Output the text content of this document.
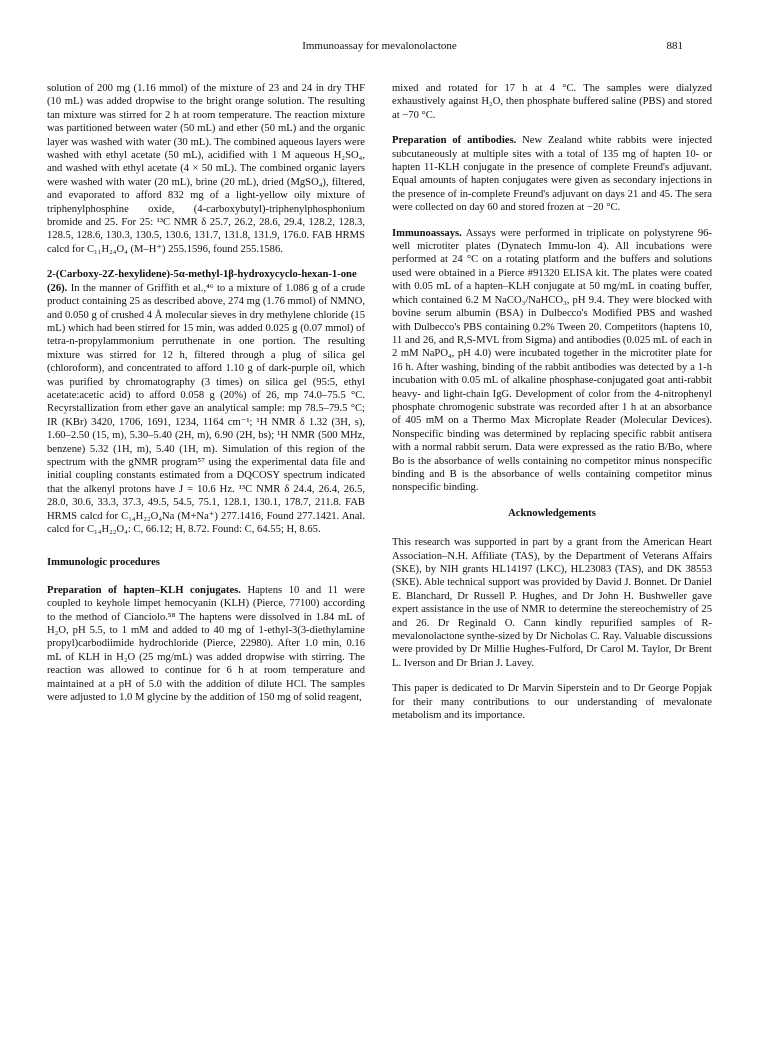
Immunoassay for mevalonolactone	881

solution of 200 mg (1.16 mmol) of the mixture of 23 and 24 in dry THF (10 mL) was added dropwise to the bright orange solution. The resulting tan mixture was stirred for 2 h at room temperature. The reaction mixture was partitioned between water (50 mL) and ether (50 mL) and the organic layer was washed with water (30 mL). The combined aqueous layers were washed with ethyl acetate (50 mL), acidified with 1 M aqueous H₂SO₄, and washed with ethyl acetate (4 × 50 mL). The combined organic layers were washed with water (20 mL), brine (20 mL), dried (MgSO₄), filtered, and evaporated to afford 832 mg of a light-yellow oily mixture of triphenylphosphine oxide, (4-carboxybutyl)-triphenylphosphonium bromide and 25. For 25: ¹³C NMR δ 25.7, 26.2, 28.6, 29.4, 128.2, 128.3, 128.5, 128.6, 130.3, 130.5, 130.6, 131.7, 131.8, 131.9, 176.0. FAB HRMS calcd for C₁₁H₂₄O₄ (M–H⁺) 255.1596, found 255.1586.

2-(Carboxy-2Z-hexylidene)-5α-methyl-1β-hydroxycyclo-hexan-1-one (26). In the manner of Griffith et al.,⁴⁶ to a mixture of 1.086 g of a crude product containing 25 as described above, 274 mg (1.76 mmol) of NMNO, and 0.050 g of crushed 4 Å molecular sieves in dry methylene chloride (15 mL) which had been stirred for 15 min, was added 0.025 g (0.07 mmol) of tetra-n-propylammonium perruthenate in one portion. The resulting mixture was stirred for 12 h, filtered through a plug of silica gel (chloroform), and concentrated to afford 1.10 g of dark-purple oil, which was purified by chromatography (3 times) on silica gel (95:5, ethyl acetate:acetic acid) to afford 0.058 g (20%) of 26, mp 74.0–75.5 °C. Recyrstallization from ether gave an analytical sample: mp 78.5–79.5 °C; IR (KBr) 3420, 1706, 1691, 1234, 1164 cm⁻¹; ¹H NMR δ 1.32 (3H, s), 1.60–2.50 (15, m), 5.30–5.40 (2H, m), 6.90 (2H, bs); ¹H NMR (500 MHz, benzene) 5.32 (1H, m), 5.40 (1H, m). Simulation of this region of the spectrum with the gNMR program⁵⁷ using the experimental data file and initial coupling constants estimated from a DQCOSY spectrum indicated that the alkenyl protons have J = 10.6 Hz. ¹³C NMR δ 24.4, 26.4, 26.5, 28.0, 30.6, 33.3, 37.3, 49.5, 54.5, 75.1, 128.1, 130.1, 178.7, 211.8. FAB HRMS calcd for C₁₄H₂₂O₄Na (M+Na⁺) 277.1416, Found 277.1421. Anal. calcd for C₁₄H₂₂O₄: C, 66.12; H, 8.72. Found: C, 64.55; H, 8.65.

Immunologic procedures

Preparation of hapten–KLH conjugates. Haptens 10 and 11 were coupled to keyhole limpet hemocyanin (KLH) (Pierce, 77100) according to the method of Cianciolo.⁵⁸ The haptens were dissolved in 1.84 mL of H₂O, pH 5.5, to 1 mM and added to 40 mg of 1-ethyl-3(3-diethylamine propyl)carbodiimide hydrochloride (Pierce, 22980). After 1.0 min, 0.16 mL of KLH in H₂O (25 mg/mL) was added dropwise with stirring. The reaction was allowed to continue for 6 h at room temperature and maintained at a pH of 5.0 with the addition of dilute HCl. The samples were adjusted to 1.0 M glycine by the addition of 150 mg of solid reagent,

mixed and rotated for 17 h at 4 °C. The samples were dialyzed exhaustively against H₂O, then phosphate buffered saline (PBS) and stored at −70 °C.

Preparation of antibodies. New Zealand white rabbits were injected subcutaneously at multiple sites with a total of 135 mg of hapten 10- or hapten 11-KLH conjugate in the presence of complete Freund's adjuvant. Equal amounts of hapten conjugates were given as secondary injections in the presence of in-complete Freund's adjuvant on days 21 and 45. The sera were collected on day 60 and stored frozen at −20 °C.

Immunoassays. Assays were performed in triplicate on polystyrene 96-well microtiter plates (Dynatech Immu-lon 4). All incubations were performed at 24 °C on a rotating platform and the buffers and solutions used were obtained in a Pierce #91320 ELISA kit. The plates were coated with 0.05 mL of a hapten–KLH conjugate at 50 mg/mL in coating buffer, which contained 6.2 M NaCO₃/NaHCO₃, pH 9.4. They were blocked with bovine serum albumin (BSA) in Dulbecco's Modified PBS and washed with Dulbecco's PBS containing 0.2% Tween 20. Competitors (haptens 10, 11 and 26, and R,S-MVL from Sigma) and antibodies (0.025 mL of each in 2 mM NaPO₄, pH 4.0) were incubated together in the microtiter plate for 16 h. After washing, binding of the rabbit antibodies was detected by a 1-h incubation with 0.05 mL of alkaline phosphase-conjugated goat anti-rabbit heavy- and light-chain IgG. Development of color from the 4-nitrophenyl phosphate chromogenic substrate was recorded after 1 h at an absorbance of 405 mM on a Thermo Max Microplate Reader (Molecular Devices). Nonspecific binding was determined by replacing specific rabbit antisera with a normal rabbit serum. Data were expressed as the ratio B/Bo, where Bo is the absorbance of wells containing no competitor minus nonspecific binding and B is the absorbance of wells containing competitor minus nonspecific binding.

Acknowledgements

This research was supported in part by a grant from the American Heart Association–N.H. Affiliate (TAS), by the Department of Veterans Affairs (SKE), by NIH grants HL14197 (LKC), HL23083 (TAS), and DK 38553 (SKE). Able technical support was provided by David J. Bonnet. Dr Daniel E. Blanchard, Dr Russell P. Hughes, and Dr John H. Bushweller gave expert assistance in the use of NMR to determine the stereochemistry of 25 and 26. Dr Reginald O. Cann kindly repurified samples of R-mevalonolactone synthe-sized by Dr Nicholas C. Ray. Valuable discussions were provided by Dr Millie Hughes-Fulford, Dr Carol M. Taylor, Dr Brent L. Iverson and Dr Brian J. Lavey.

This paper is dedicated to Dr Marvin Siperstein and to Dr George Popjak for their many contributions to our understanding of mevalonate metabolism and its importance.
